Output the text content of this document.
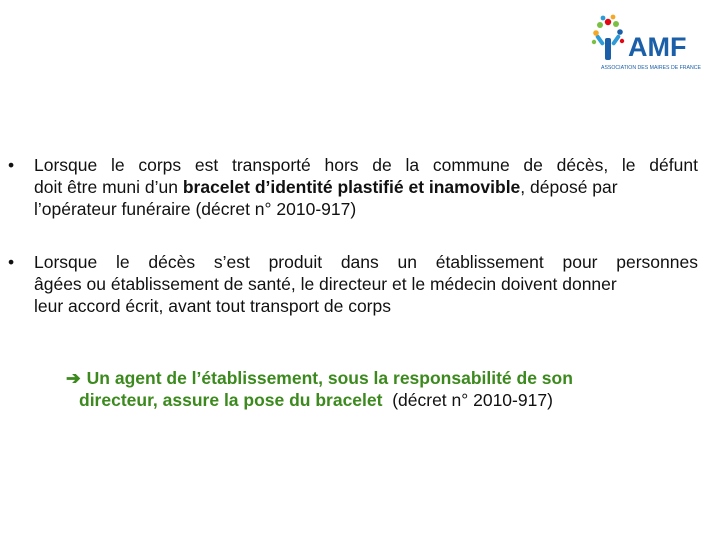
AMF
ASSOCIATION DES MAIRES DE FRANCE
•	Lorsque le corps est transporté hors de la commune de décès, le défunt
doit être muni d’un bracelet d’identité plastifié et inamovible, déposé par
l’opérateur funéraire (décret n° 2010-917)
•	Lorsque le décès s’est produit dans un établissement pour personnes
âgées ou établissement de santé, le directeur et le médecin doivent donner
leur accord écrit, avant tout transport de corps
➔ Un agent de l’établissement, sous la responsabilité de son
directeur, assure la pose du bracelet  (décret n° 2010-917)
